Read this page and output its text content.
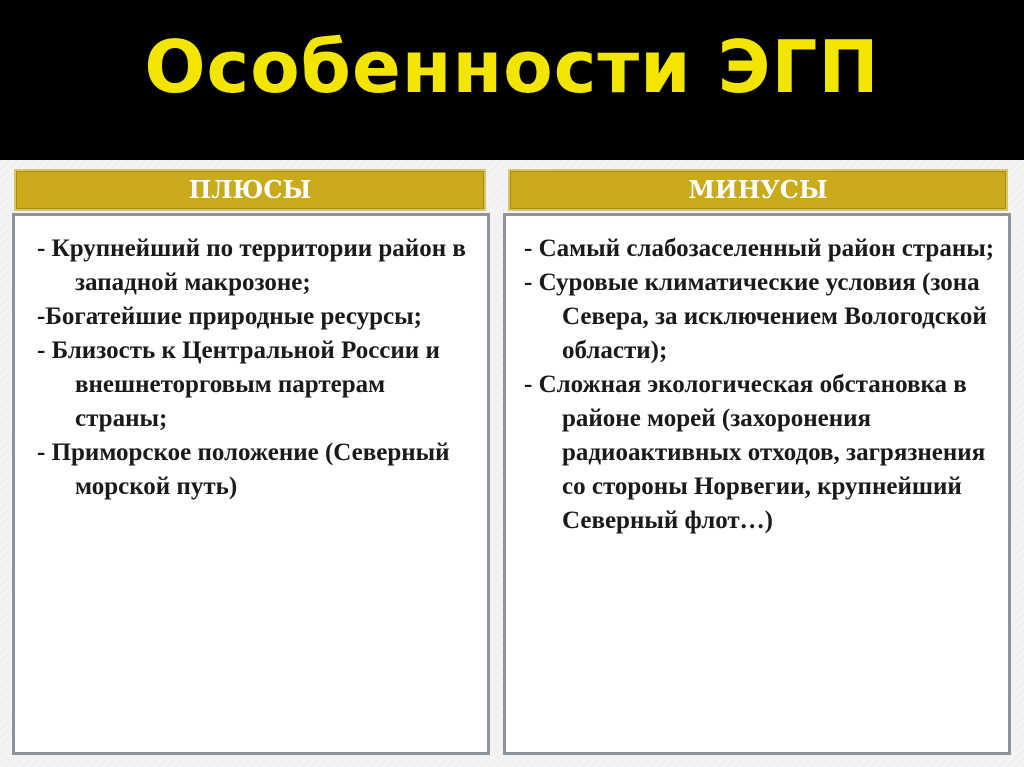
Особенности ЭГП
ПЛЮСЫ	МИНУСЫ
- Крупнейший по территории район в западной макрозоне;
-Богатейшие природные ресурсы;
- Близость к Центральной России и внешнеторговым партерам страны;
- Приморское положение (Северный морской путь)
- Самый слабозаселенный район страны;
- Суровые климатические условия (зона Севера, за исключением Вологодской области);
- Сложная экологическая обстановка в районе морей (захоронения радиоактивных отходов, загрязнения со стороны Норвегии, крупнейший Северный флот…)
